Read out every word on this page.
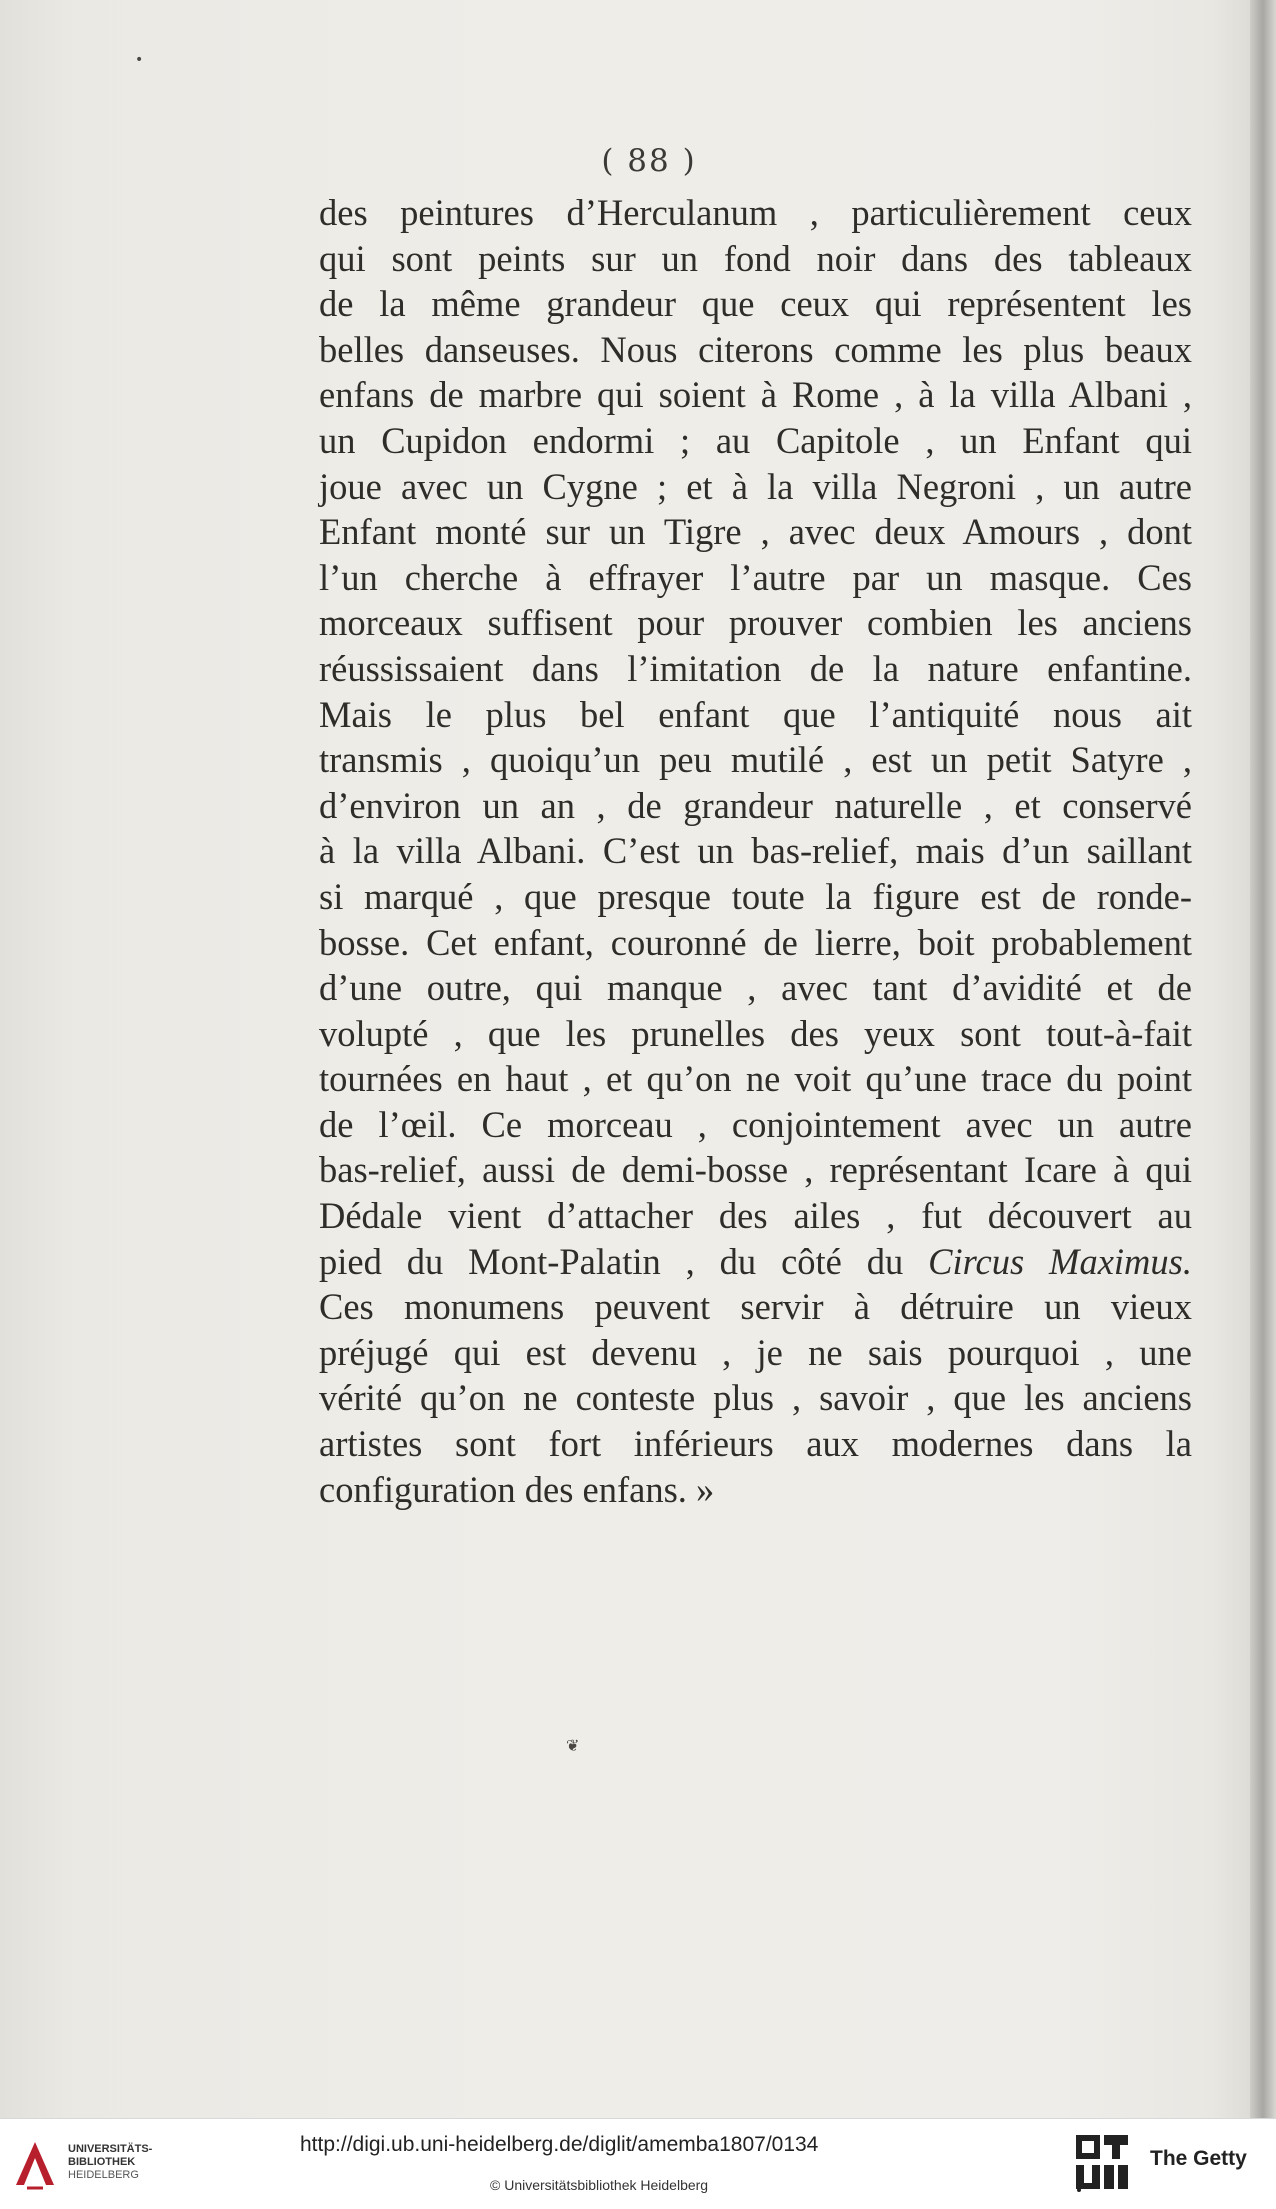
•
❦
( 88 )
des peintures d’Herculanum , particulièrement ceux
qui sont peints sur un fond noir dans des tableaux
de la même grandeur que ceux qui représentent les
belles danseuses. Nous citerons comme les plus beaux
enfans de marbre qui soient à Rome , à la villa Albani ,
un Cupidon endormi ; au Capitole , un Enfant qui
joue avec un Cygne ; et à la villa Negroni , un autre
Enfant monté sur un Tigre , avec deux Amours , dont
l’un cherche à effrayer l’autre par un masque. Ces
morceaux suffisent pour prouver combien les anciens
réussissaient dans l’imitation de la nature enfantine.
Mais le plus bel enfant que l’antiquité nous ait
transmis , quoiqu’un peu mutilé , est un petit Satyre ,
d’environ un an , de grandeur naturelle , et conservé
à la villa Albani. C’est un bas-relief, mais d’un saillant
si marqué , que presque toute la figure est de ronde-
bosse. Cet enfant, couronné de lierre, boit probablement
d’une outre, qui manque , avec tant d’avidité et de
volupté , que les prunelles des yeux sont tout-à-fait
tournées en haut , et qu’on ne voit qu’une trace du point
de l’œil. Ce morceau , conjointement avec un autre
bas-relief, aussi de demi-bosse , représentant Icare à qui
Dédale vient d’attacher des ailes , fut découvert au
pied du Mont-Palatin , du côté du Circus Maximus.
Ces monumens peuvent servir à détruire un vieux
préjugé qui est devenu , je ne sais pourquoi , une
vérité qu’on ne conteste plus , savoir , que les anciens
artistes sont fort inférieurs aux modernes dans la
configuration des enfans. »
UNIVERSITÄTS-
BIBLIOTHEK
HEIDELBERG
http://digi.ub.uni-heidelberg.de/diglit/amemba1807/0134
© Universitätsbibliothek Heidelberg
The Getty
